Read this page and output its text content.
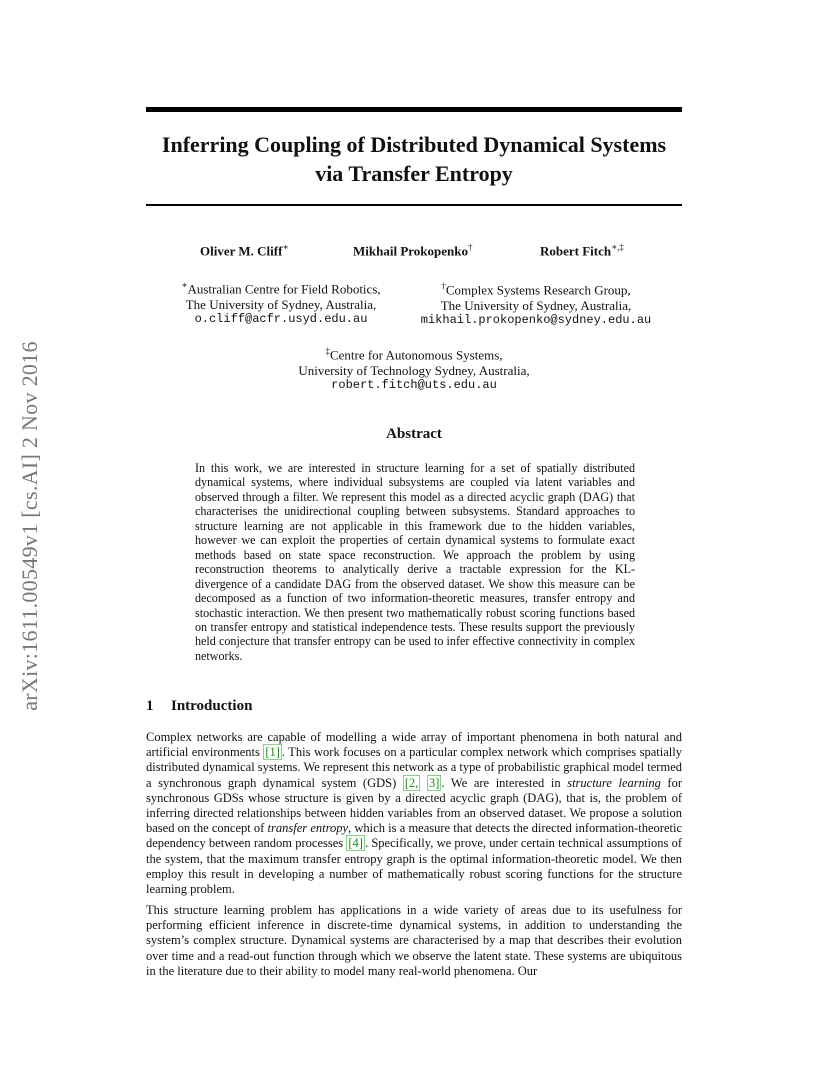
arXiv:1611.00549v1 [cs.AI] 2 Nov 2016
Inferring Coupling of Distributed Dynamical Systems
via Transfer Entropy
Oliver M. Cliff∗	Mikhail Prokopenko†	Robert Fitch∗,‡
∗Australian Centre for Field Robotics,
The University of Sydney, Australia,
o.cliff@acfr.usyd.edu.au
†Complex Systems Research Group,
The University of Sydney, Australia,
mikhail.prokopenko@sydney.edu.au
‡Centre for Autonomous Systems,
University of Technology Sydney, Australia,
robert.fitch@uts.edu.au
Abstract
In this work, we are interested in structure learning for a set of spatially distributed dynamical systems, where individual subsystems are coupled via latent variables and observed through a filter. We represent this model as a directed acyclic graph (DAG) that characterises the unidirectional coupling between subsystems. Standard approaches to structure learning are not applicable in this framework due to the hidden variables, however we can exploit the properties of certain dynamical systems to formulate exact methods based on state space reconstruction. We approach the problem by using reconstruction theorems to analytically derive a tractable expression for the KL-divergence of a candidate DAG from the observed dataset. We show this measure can be decomposed as a function of two information-theoretic measures, transfer entropy and stochastic interaction. We then present two mathematically robust scoring functions based on transfer entropy and statistical independence tests. These results support the previously held conjecture that transfer entropy can be used to infer effective connectivity in complex networks.
1 Introduction
Complex networks are capable of modelling a wide array of important phenomena in both natural and artificial environments [1] . This work focuses on a particular complex network which comprises spatially distributed dynamical systems. We represent this network as a type of probabilistic graphical model termed a synchronous graph dynamical system (GDS) [2, 3] . We are interested in structure learning for synchronous GDSs whose structure is given by a directed acyclic graph (DAG), that is, the problem of inferring directed relationships between hidden variables from an observed dataset. We propose a solution based on the concept of transfer entropy, which is a measure that detects the directed information-theoretic dependency between random processes [4] . Specifically, we prove, under certain technical assumptions of the system, that the maximum transfer entropy graph is the optimal information-theoretic model. We then employ this result in developing a number of mathematically robust scoring functions for the structure learning problem.
This structure learning problem has applications in a wide variety of areas due to its usefulness for performing efficient inference in discrete-time dynamical systems, in addition to understanding the system’s complex structure. Dynamical systems are characterised by a map that describes their evolution over time and a read-out function through which we observe the latent state. These systems are ubiquitous in the literature due to their ability to model many real-world phenomena. Our
